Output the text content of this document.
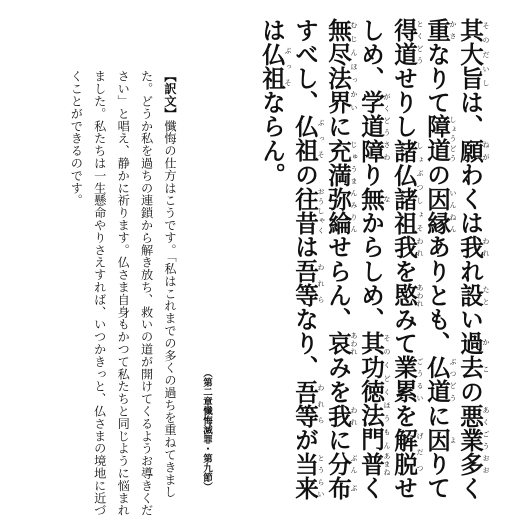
其大旨そのだいしは、願ねがわくは我われれ設たとい過去かこの悪業あくごう多おおく重かさなりて障道しょうどうの因縁いんねんありとも、仏道ぶつどうに因よりて得道とくどうせりし諸仏諸祖しょぶつしょそ我われを愍あわれみて業累ごうるいを解脱げだつせしめ、学道がくどう障さわり無なからしめ、其功徳法門そのくどくほうもん普あまねく無尽法界むじんほっかいに充満弥綸じゅうまんみりんせらん、哀あわれみを我われに分ぶん布ぷすべし、仏祖ぶっその往昔おうしゃくは吾等われらなり、吾等われらが当とう来らいは仏祖ぶっそならん。

（第二章懺悔滅罪・第九節）

【訳文】懺悔の仕方はこうです。「私はこれまでの多くの過ちを重ねてきました。どうか私を過ちの連鎖から解き放ち、救いの道が開けてくるようお導きください」と唱え、静かに祈ります。仏さま自身もかつて私たちと同じように悩まれました。私たちは一生懸命やりさえすれば、いつかきっと、仏さまの境地に近づくことができるのです。
